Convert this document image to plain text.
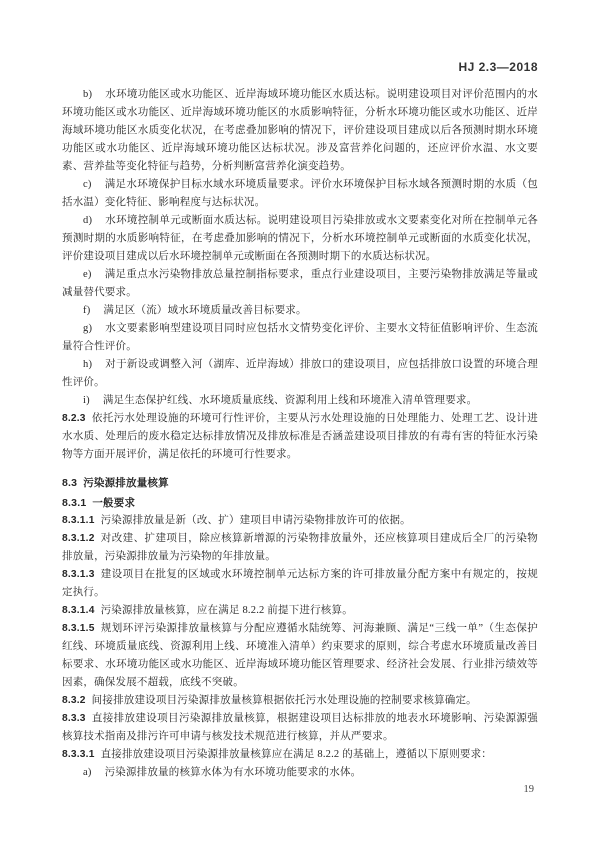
HJ 2.3—2018

b) 水环境功能区或水功能区、近岸海域环境功能区水质达标。说明建设项目对评价范围内的水环境功能区或水功能区、近岸海域环境功能区的水质影响特征，分析水环境功能区或水功能区、近岸海域环境功能区水质变化状况，在考虑叠加影响的情况下，评价建设项目建成以后各预测时期水环境功能区或水功能区、近岸海域环境功能区达标状况。涉及富营养化问题的，还应评价水温、水文要素、营养盐等变化特征与趋势，分析判断富营养化演变趋势。

c) 满足水环境保护目标水域水环境质量要求。评价水环境保护目标水域各预测时期的水质（包括水温）变化特征、影响程度与达标状况。

d) 水环境控制单元或断面水质达标。说明建设项目污染排放或水文要素变化对所在控制单元各预测时期的水质影响特征，在考虑叠加影响的情况下，分析水环境控制单元或断面的水质变化状况，评价建设项目建成以后水环境控制单元或断面在各预测时期下的水质达标状况。

e) 满足重点水污染物排放总量控制指标要求，重点行业建设项目，主要污染物排放满足等量或减量替代要求。

f) 满足区（流）域水环境质量改善目标要求。

g) 水文要素影响型建设项目同时应包括水文情势变化评价、主要水文特征值影响评价、生态流量符合性评价。

h) 对于新设或调整入河（湖库、近岸海域）排放口的建设项目，应包括排放口设置的环境合理性评价。

i) 满足生态保护红线、水环境质量底线、资源利用上线和环境准入清单管理要求。

8.2.3 依托污水处理设施的环境可行性评价，主要从污水处理设施的日处理能力、处理工艺、设计进水水质、处理后的废水稳定达标排放情况及排放标准是否涵盖建设项目排放的有毒有害的特征水污染物等方面开展评价，满足依托的环境可行性要求。

8.3 污染源排放量核算

8.3.1 一般要求

8.3.1.1 污染源排放量是新（改、扩）建项目申请污染物排放许可的依据。

8.3.1.2 对改建、扩建项目，除应核算新增源的污染物排放量外，还应核算项目建成后全厂的污染物排放量，污染源排放量为污染物的年排放量。

8.3.1.3 建设项目在批复的区域或水环境控制单元达标方案的许可排放量分配方案中有规定的，按规定执行。

8.3.1.4 污染源排放量核算，应在满足 8.2.2 前提下进行核算。

8.3.1.5 规划环评污染源排放量核算与分配应遵循水陆统筹、河海兼顾、满足“三线一单”（生态保护红线、环境质量底线、资源利用上线、环境准入清单）约束要求的原则，综合考虑水环境质量改善目标要求、水环境功能区或水功能区、近岸海域环境功能区管理要求、经济社会发展、行业排污绩效等因素，确保发展不超载，底线不突破。

8.3.2 间接排放建设项目污染源排放量核算根据依托污水处理设施的控制要求核算确定。

8.3.3 直接排放建设项目污染源排放量核算，根据建设项目达标排放的地表水环境影响、污染源源强核算技术指南及排污许可申请与核发技术规范进行核算，并从严要求。

8.3.3.1 直接排放建设项目污染源排放量核算应在满足 8.2.2 的基础上，遵循以下原则要求：

a) 污染源排放量的核算水体为有水环境功能要求的水体。

19
